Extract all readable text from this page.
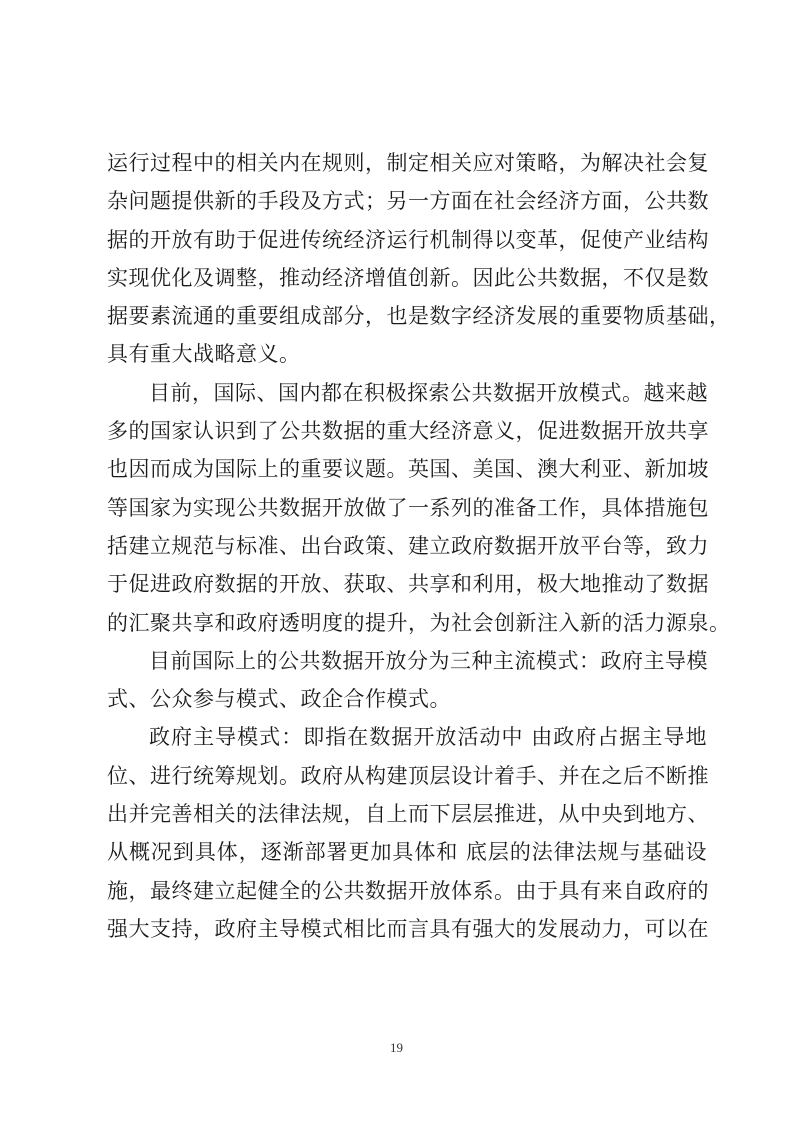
运行过程中的相关内在规则，制定相关应对策略，为解决社会复
杂问题提供新的手段及方式；另一方面在社会经济方面，公共数
据的开放有助于促进传统经济运行机制得以变革，促使产业结构
实现优化及调整，推动经济增值创新。因此公共数据，不仅是数
据要素流通的重要组成部分，也是数字经济发展的重要物质基础，
具有重大战略意义。
目前，国际、国内都在积极探索公共数据开放模式。越来越
多的国家认识到了公共数据的重大经济意义，促进数据开放共享
也因而成为国际上的重要议题。英国、美国、澳大利亚、新加坡
等国家为实现公共数据开放做了一系列的准备工作，具体措施包
括建立规范与标准、出台政策、建立政府数据开放平台等，致力
于促进政府数据的开放、获取、共享和利用，极大地推动了数据
的汇聚共享和政府透明度的提升，为社会创新注入新的活力源泉。
目前国际上的公共数据开放分为三种主流模式：政府主导模
式、公众参与模式、政企合作模式。
政府主导模式：即指在数据开放活动中 由政府占据主导地
位、进行统筹规划。政府从构建顶层设计着手、并在之后不断推
出并完善相关的法律法规，自上而下层层推进，从中央到地方、
从概况到具体，逐渐部署更加具体和 底层的法律法规与基础设
施，最终建立起健全的公共数据开放体系。由于具有来自政府的
强大支持，政府主导模式相比而言具有强大的发展动力，可以在
19
